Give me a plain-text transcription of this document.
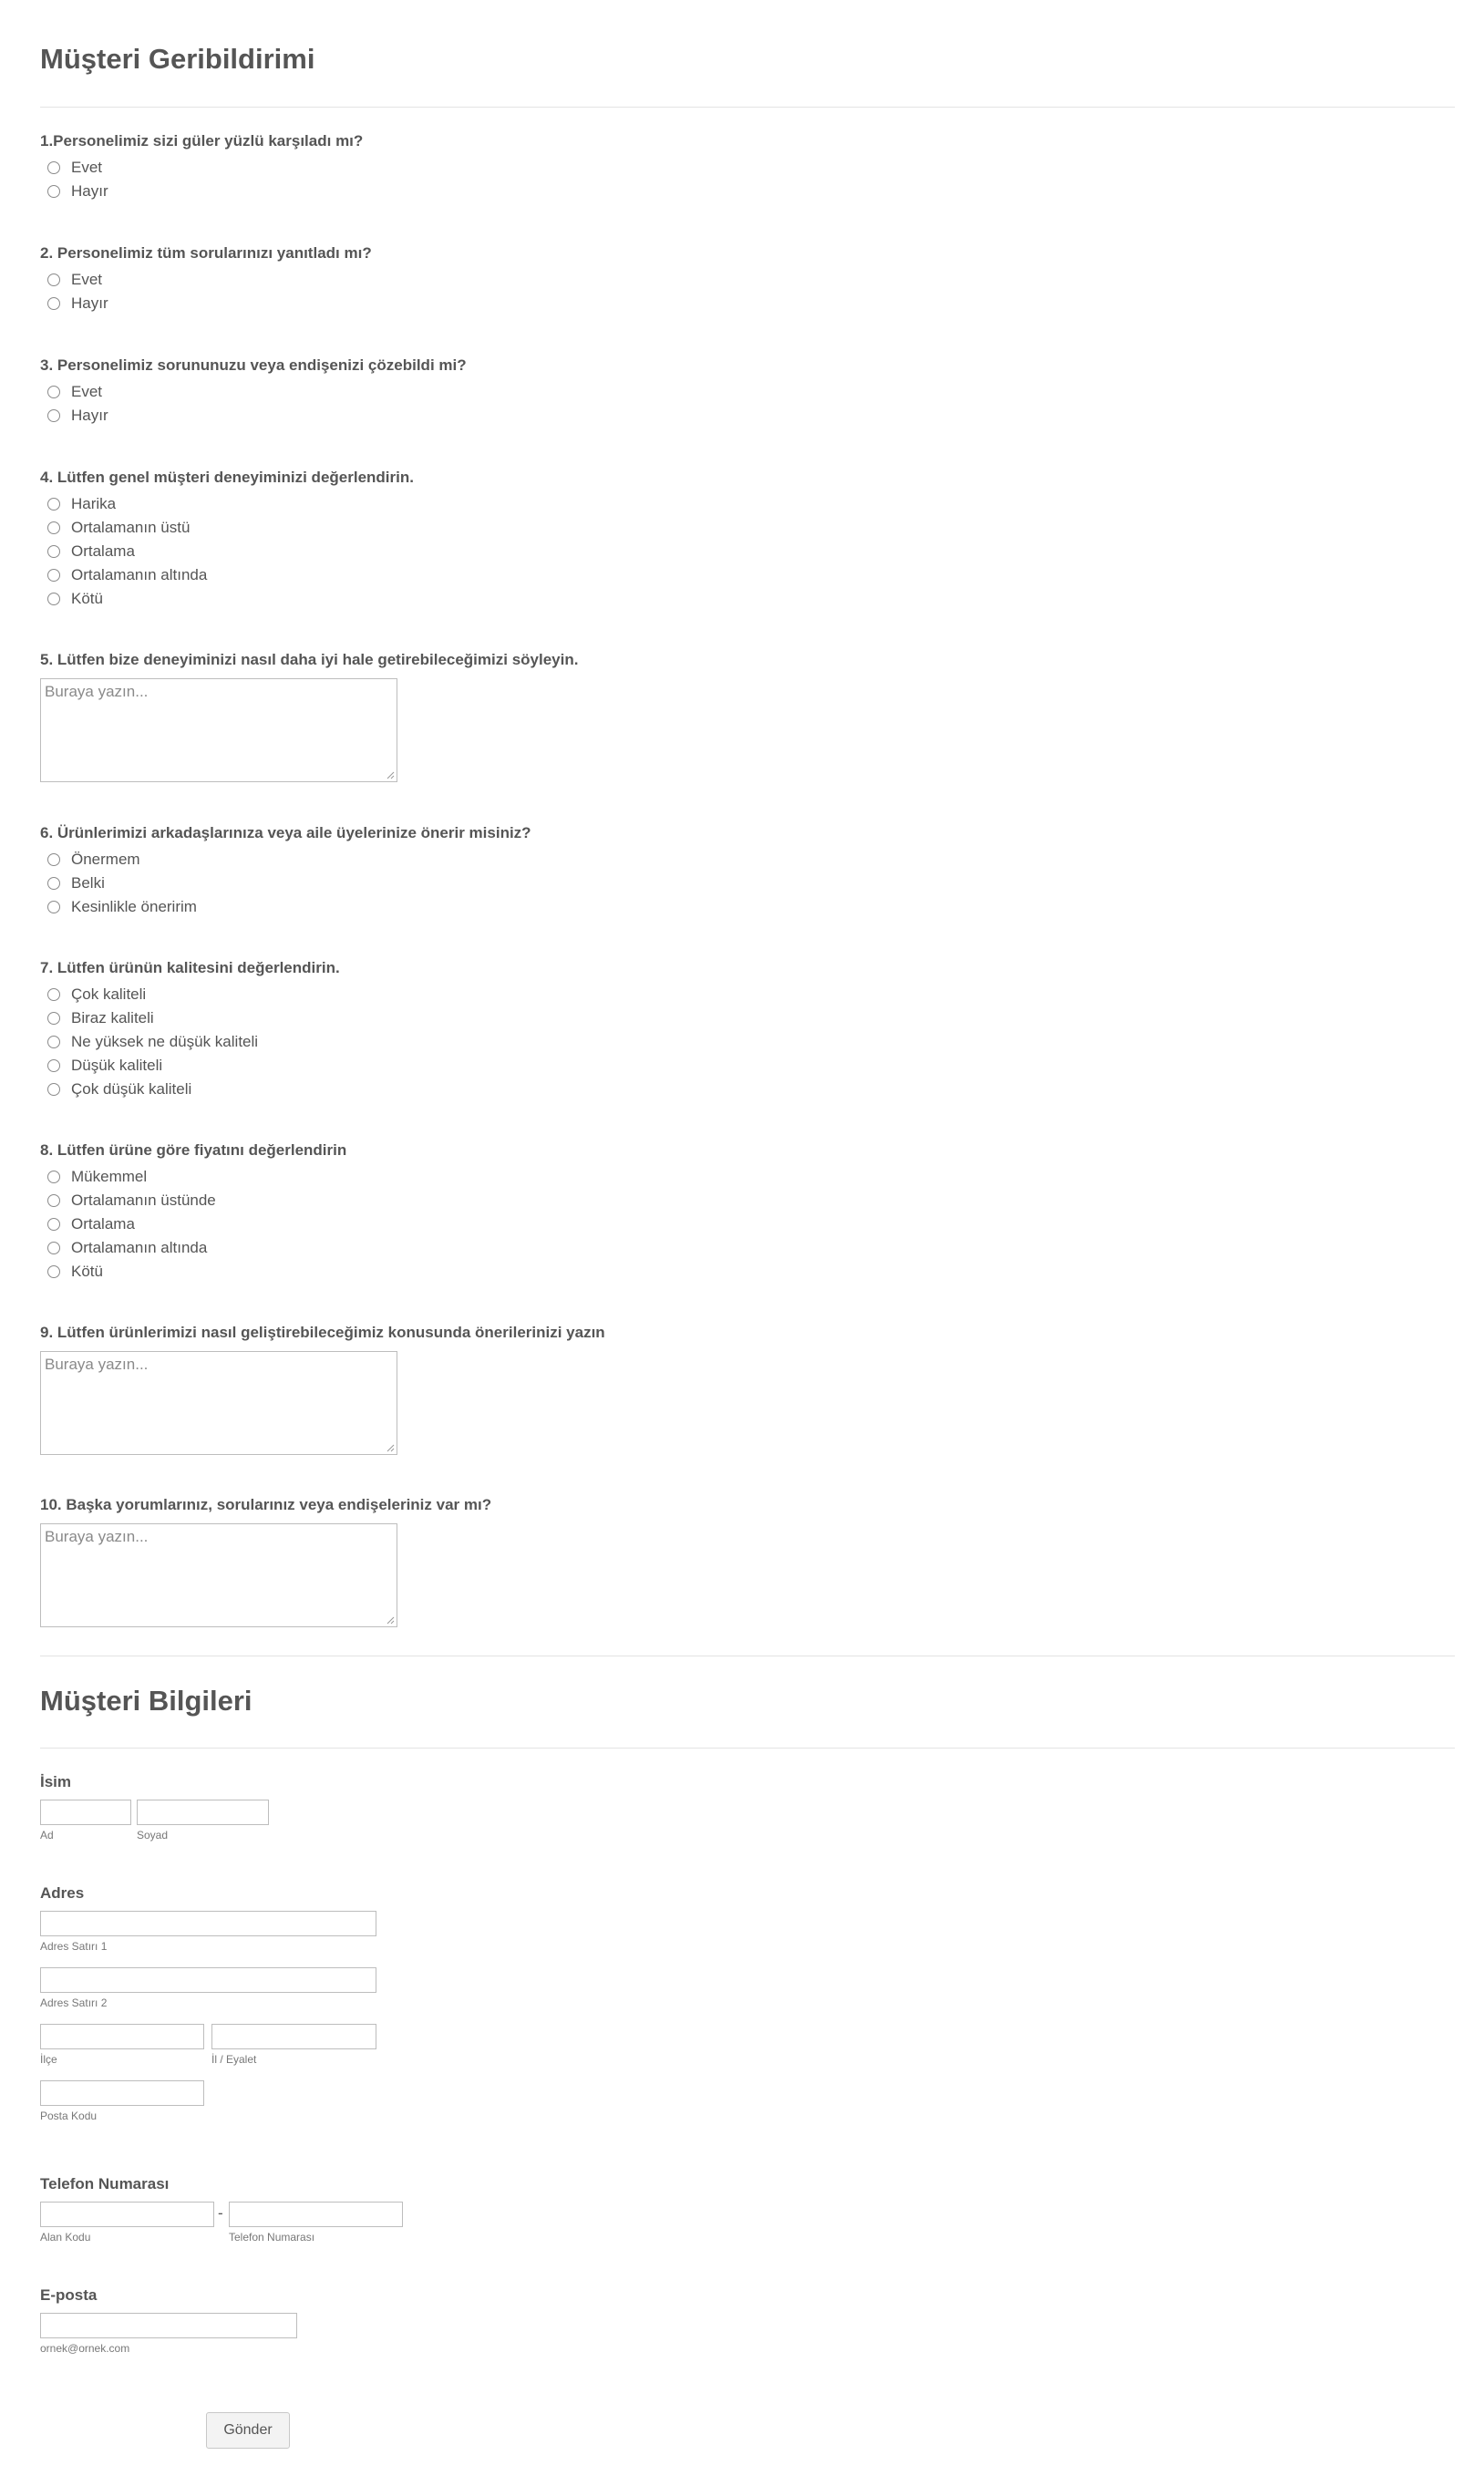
Müşteri Geribildirimi
1.Personelimiz sizi güler yüzlü karşıladı mı?
Evet
Hayır
2. Personelimiz tüm sorularınızı yanıtladı mı?
Evet
Hayır
3. Personelimiz sorununuzu veya endişenizi çözebildi mi?
Evet
Hayır
4. Lütfen genel müşteri deneyiminizi değerlendirin.
Harika
Ortalamanın üstü
Ortalama
Ortalamanın altında
Kötü
5. Lütfen bize deneyiminizi nasıl daha iyi hale getirebileceğimizi söyleyin.
Buraya yazın...
6. Ürünlerimizi arkadaşlarınıza veya aile üyelerinize önerir misiniz?
Önermem
Belki
Kesinlikle öneririm
7. Lütfen ürünün kalitesini değerlendirin.
Çok kaliteli
Biraz kaliteli
Ne yüksek ne düşük kaliteli
Düşük kaliteli
Çok düşük kaliteli
8. Lütfen ürüne göre fiyatını değerlendirin
Mükemmel
Ortalamanın üstünde
Ortalama
Ortalamanın altında
Kötü
9. Lütfen ürünlerimizi nasıl geliştirebileceğimiz konusunda önerilerinizi yazın
Buraya yazın...
10. Başka yorumlarınız, sorularınız veya endişeleriniz var mı?
Buraya yazın...
Müşteri Bilgileri
İsim
Ad	Soyad
Adres
Adres Satırı 1
Adres Satırı 2
İlçe	İl / Eyalet
Posta Kodu
Telefon Numarası
-
Alan Kodu	Telefon Numarası
E-posta
ornek@ornek.com
Gönder
